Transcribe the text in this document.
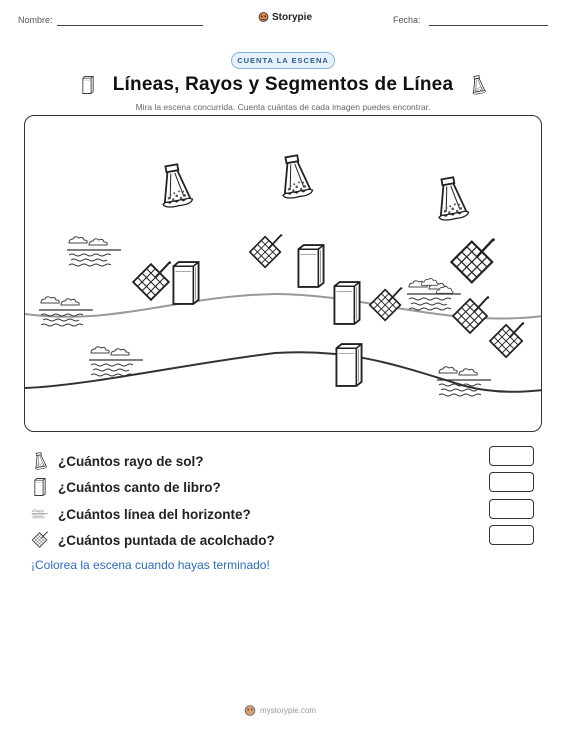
Nombre:	Storypie	Fecha:
CUENTA LA ESCENA
Líneas, Rayos y Segmentos de Línea
Mira la escena concurrida. Cuenta cuántas de cada imagen puedes encontrar.
¿Cuántos rayo de sol?
¿Cuántos canto de libro?
¿Cuántos línea del horizonte?
¿Cuántos puntada de acolchado?
¡Colorea la escena cuando hayas terminado!
mystorypie.com
